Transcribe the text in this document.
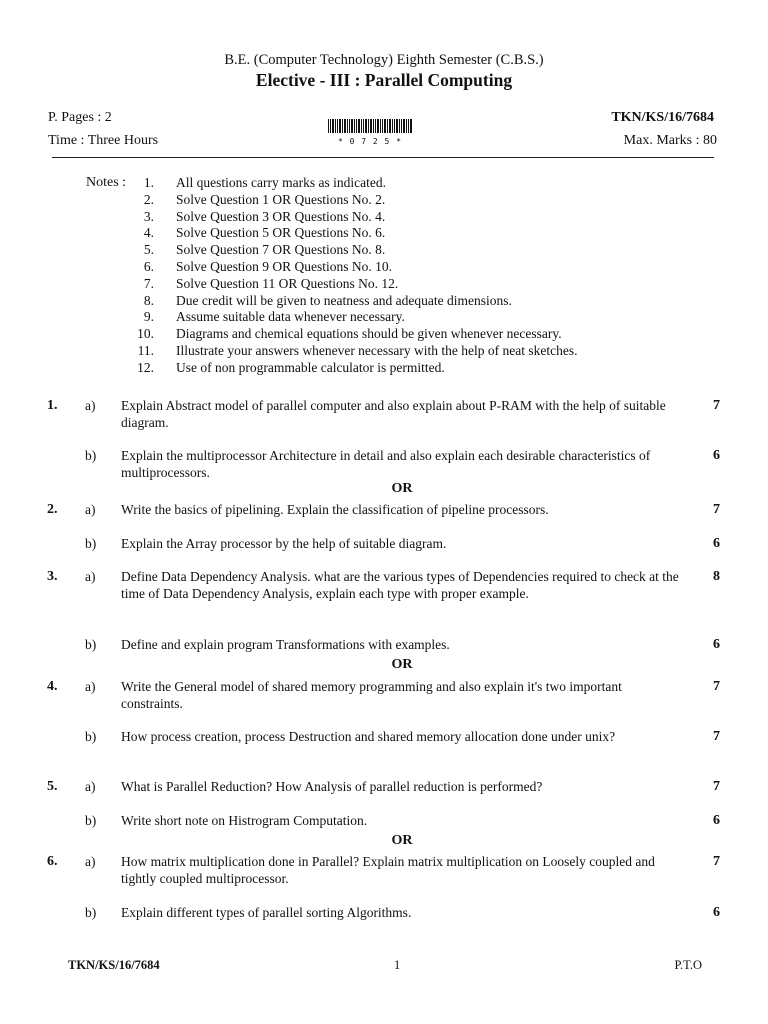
B.E. (Computer Technology) Eighth Semester (C.B.S.)
Elective - III : Parallel Computing
P. Pages : 2	TKN/KS/16/7684
Time : Three Hours	Max. Marks : 80
* 0 7 2 5 *
Notes :	1. All questions carry marks as indicated.
2. Solve Question 1 OR Questions No. 2.
3. Solve Question 3 OR Questions No. 4.
4. Solve Question 5 OR Questions No. 6.
5. Solve Question 7 OR Questions No. 8.
6. Solve Question 9 OR Questions No. 10.
7. Solve Question 11 OR Questions No. 12.
8. Due credit will be given to neatness and adequate dimensions.
9. Assume suitable data whenever necessary.
10. Diagrams and chemical equations should be given whenever necessary.
11. Illustrate your answers whenever necessary with the help of neat sketches.
12. Use of non programmable calculator is permitted.
1. a) Explain Abstract model of parallel computer and also explain about P-RAM with the help of suitable diagram.
7
b) Explain the multiprocessor Architecture in detail and also explain each desirable characteristics of multiprocessors.
6
2. a) Write the basics of pipelining. Explain the classification of pipeline processors.	7
b) Explain the Array processor by the help of suitable diagram.	6
3. a) Define Data Dependency Analysis. what are the various types of Dependencies required to check at the time of Data Dependency Analysis, explain each type with proper example.
8
b) Define and explain program Transformations with examples.	6
4. a) Write the General model of shared memory programming and also explain it's two important constraints.
7
b) How process creation, process Destruction and shared memory allocation done under unix?	7
5. a) What is Parallel Reduction? How Analysis of parallel reduction is performed?	7
b) Write short note on Histrogram Computation.	6
6. a) How matrix multiplication done in Parallel? Explain matrix multiplication on Loosely coupled and tightly coupled multiprocessor.
7
b) Explain different types of parallel sorting Algorithms.	6
OR
OR
OR
TKN/KS/16/7684	1	P.T.O
